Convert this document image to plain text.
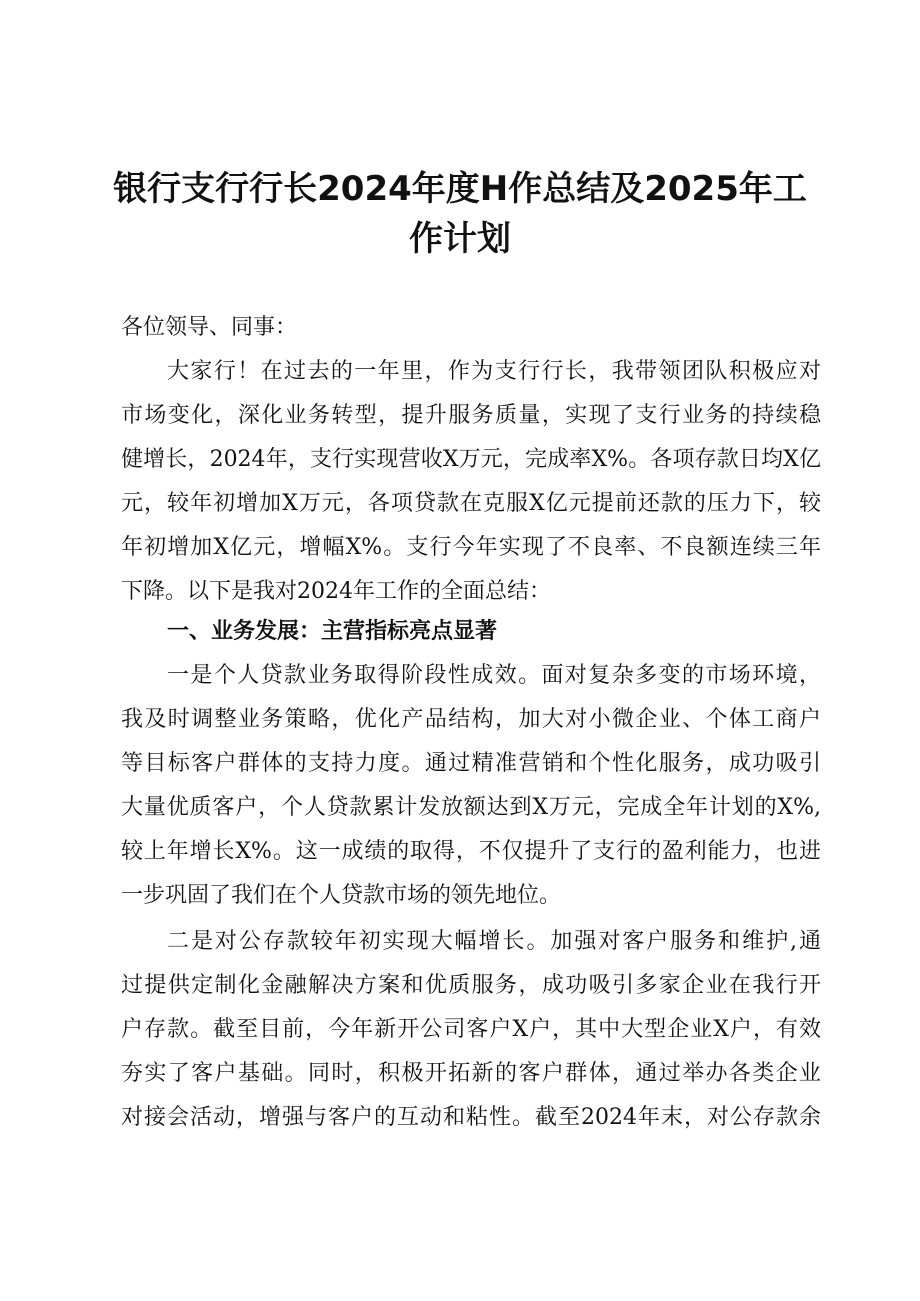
银行支行行长2024年度H作总结及2025年工
作计划
各位领导、同事：
大家行！在过去的一年里，作为支行行长，我带领团队积极应对
市场变化，深化业务转型，提升服务质量，实现了支行业务的持续稳
健增长，2024年，支行实现营收X万元，完成率X%。各项存款日均X亿
元，较年初增加X万元，各项贷款在克服X亿元提前还款的压力下，较
年初增加X亿元，增幅X%。支行今年实现了不良率、不良额连续三年
下降。以下是我对2024年工作的全面总结：
一、业务发展：主营指标亮点显著
一是个人贷款业务取得阶段性成效。面对复杂多变的市场环境，
我及时调整业务策略，优化产品结构，加大对小微企业、个体工商户
等目标客户群体的支持力度。通过精准营销和个性化服务，成功吸引
大量优质客户，个人贷款累计发放额达到X万元，完成全年计划的X%,
较上年增长X%。这一成绩的取得，不仅提升了支行的盈利能力，也进
一步巩固了我们在个人贷款市场的领先地位。
二是对公存款较年初实现大幅增长。加强对客户服务和维护,通
过提供定制化金融解决方案和优质服务，成功吸引多家企业在我行开
户存款。截至目前，今年新开公司客户X户，其中大型企业X户，有效
夯实了客户基础。同时，积极开拓新的客户群体，通过举办各类企业
对接会活动，增强与客户的互动和粘性。截至2024年末，对公存款余
